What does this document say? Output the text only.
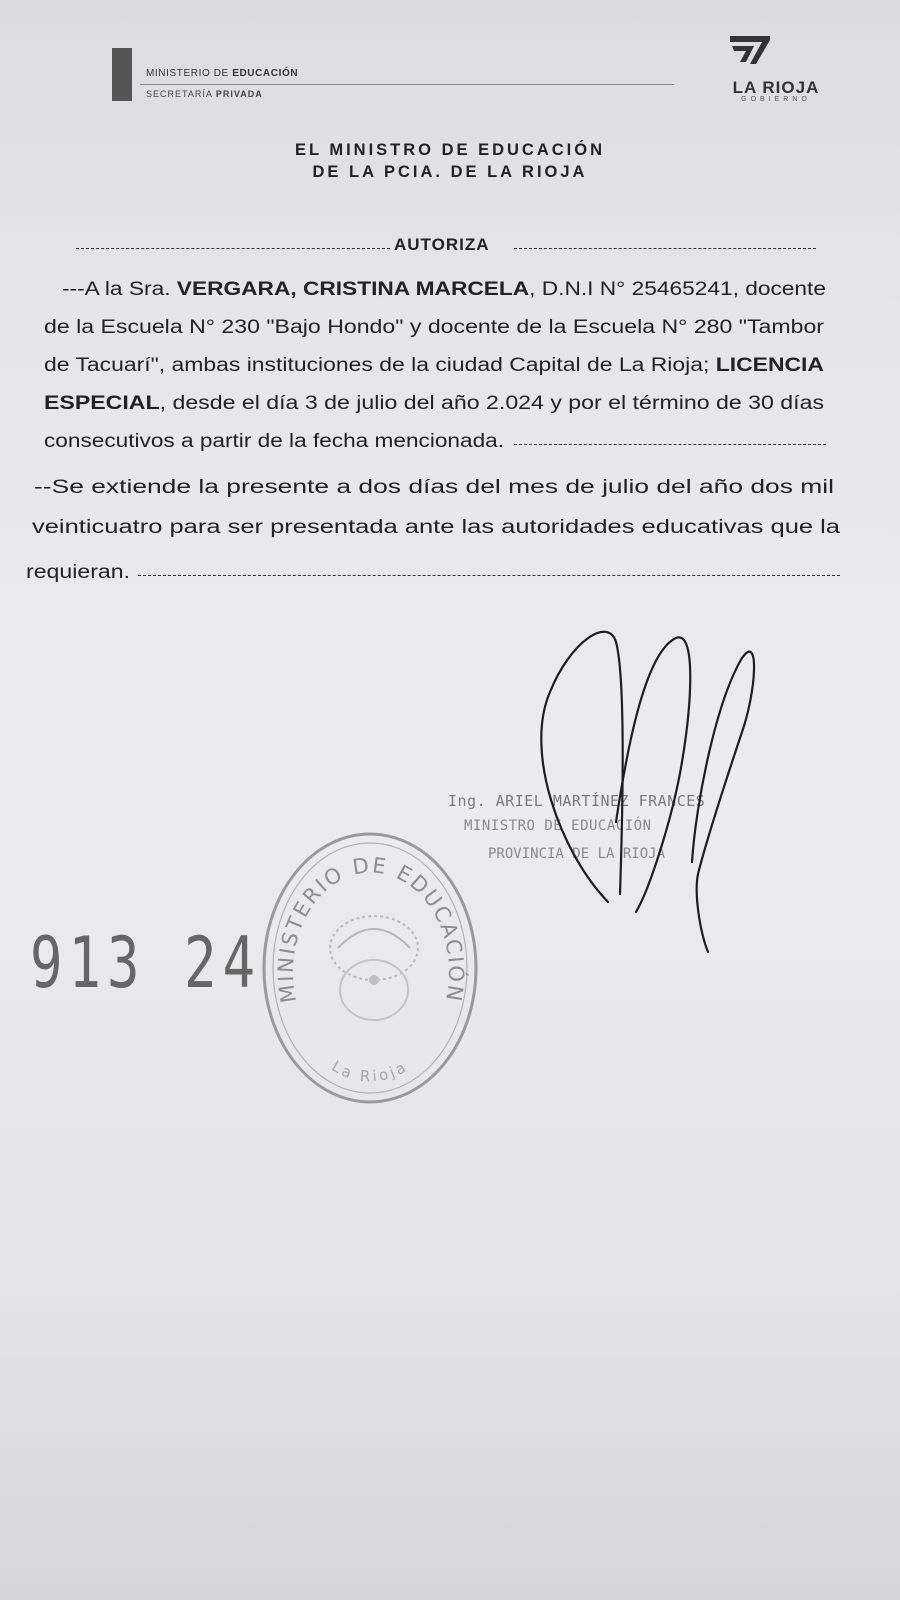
MINISTERIO DE EDUCACIÓN
SECRETARÍA PRIVADA	LA RIOJA
GOBIERNO
EL MINISTRO DE EDUCACIÓN
DE LA PCIA. DE LA RIOJA
AUTORIZA
---A la Sra. VERGARA, CRISTINA MARCELA, D.N.I N° 25465241, docente
de la Escuela N° 230 "Bajo Hondo" y docente de la Escuela N° 280 "Tambor
de Tacuarí", ambas instituciones de la ciudad Capital de La Rioja; LICENCIA
ESPECIAL, desde el día 3 de julio del año 2.024 y por el término de 30 días
consecutivos a partir de la fecha mencionada.
--Se extiende la presente a dos días del mes de julio del año dos mil
veinticuatro para ser presentada ante las autoridades educativas que la
requieran.
MINISTERIO DE EDUCACIÓN
La Rioja
913 24
Ing. ARIEL MARTÍNEZ FRANCES
MINISTRO DE EDUCACIÓN
PROVINCIA DE LA RIOJA
